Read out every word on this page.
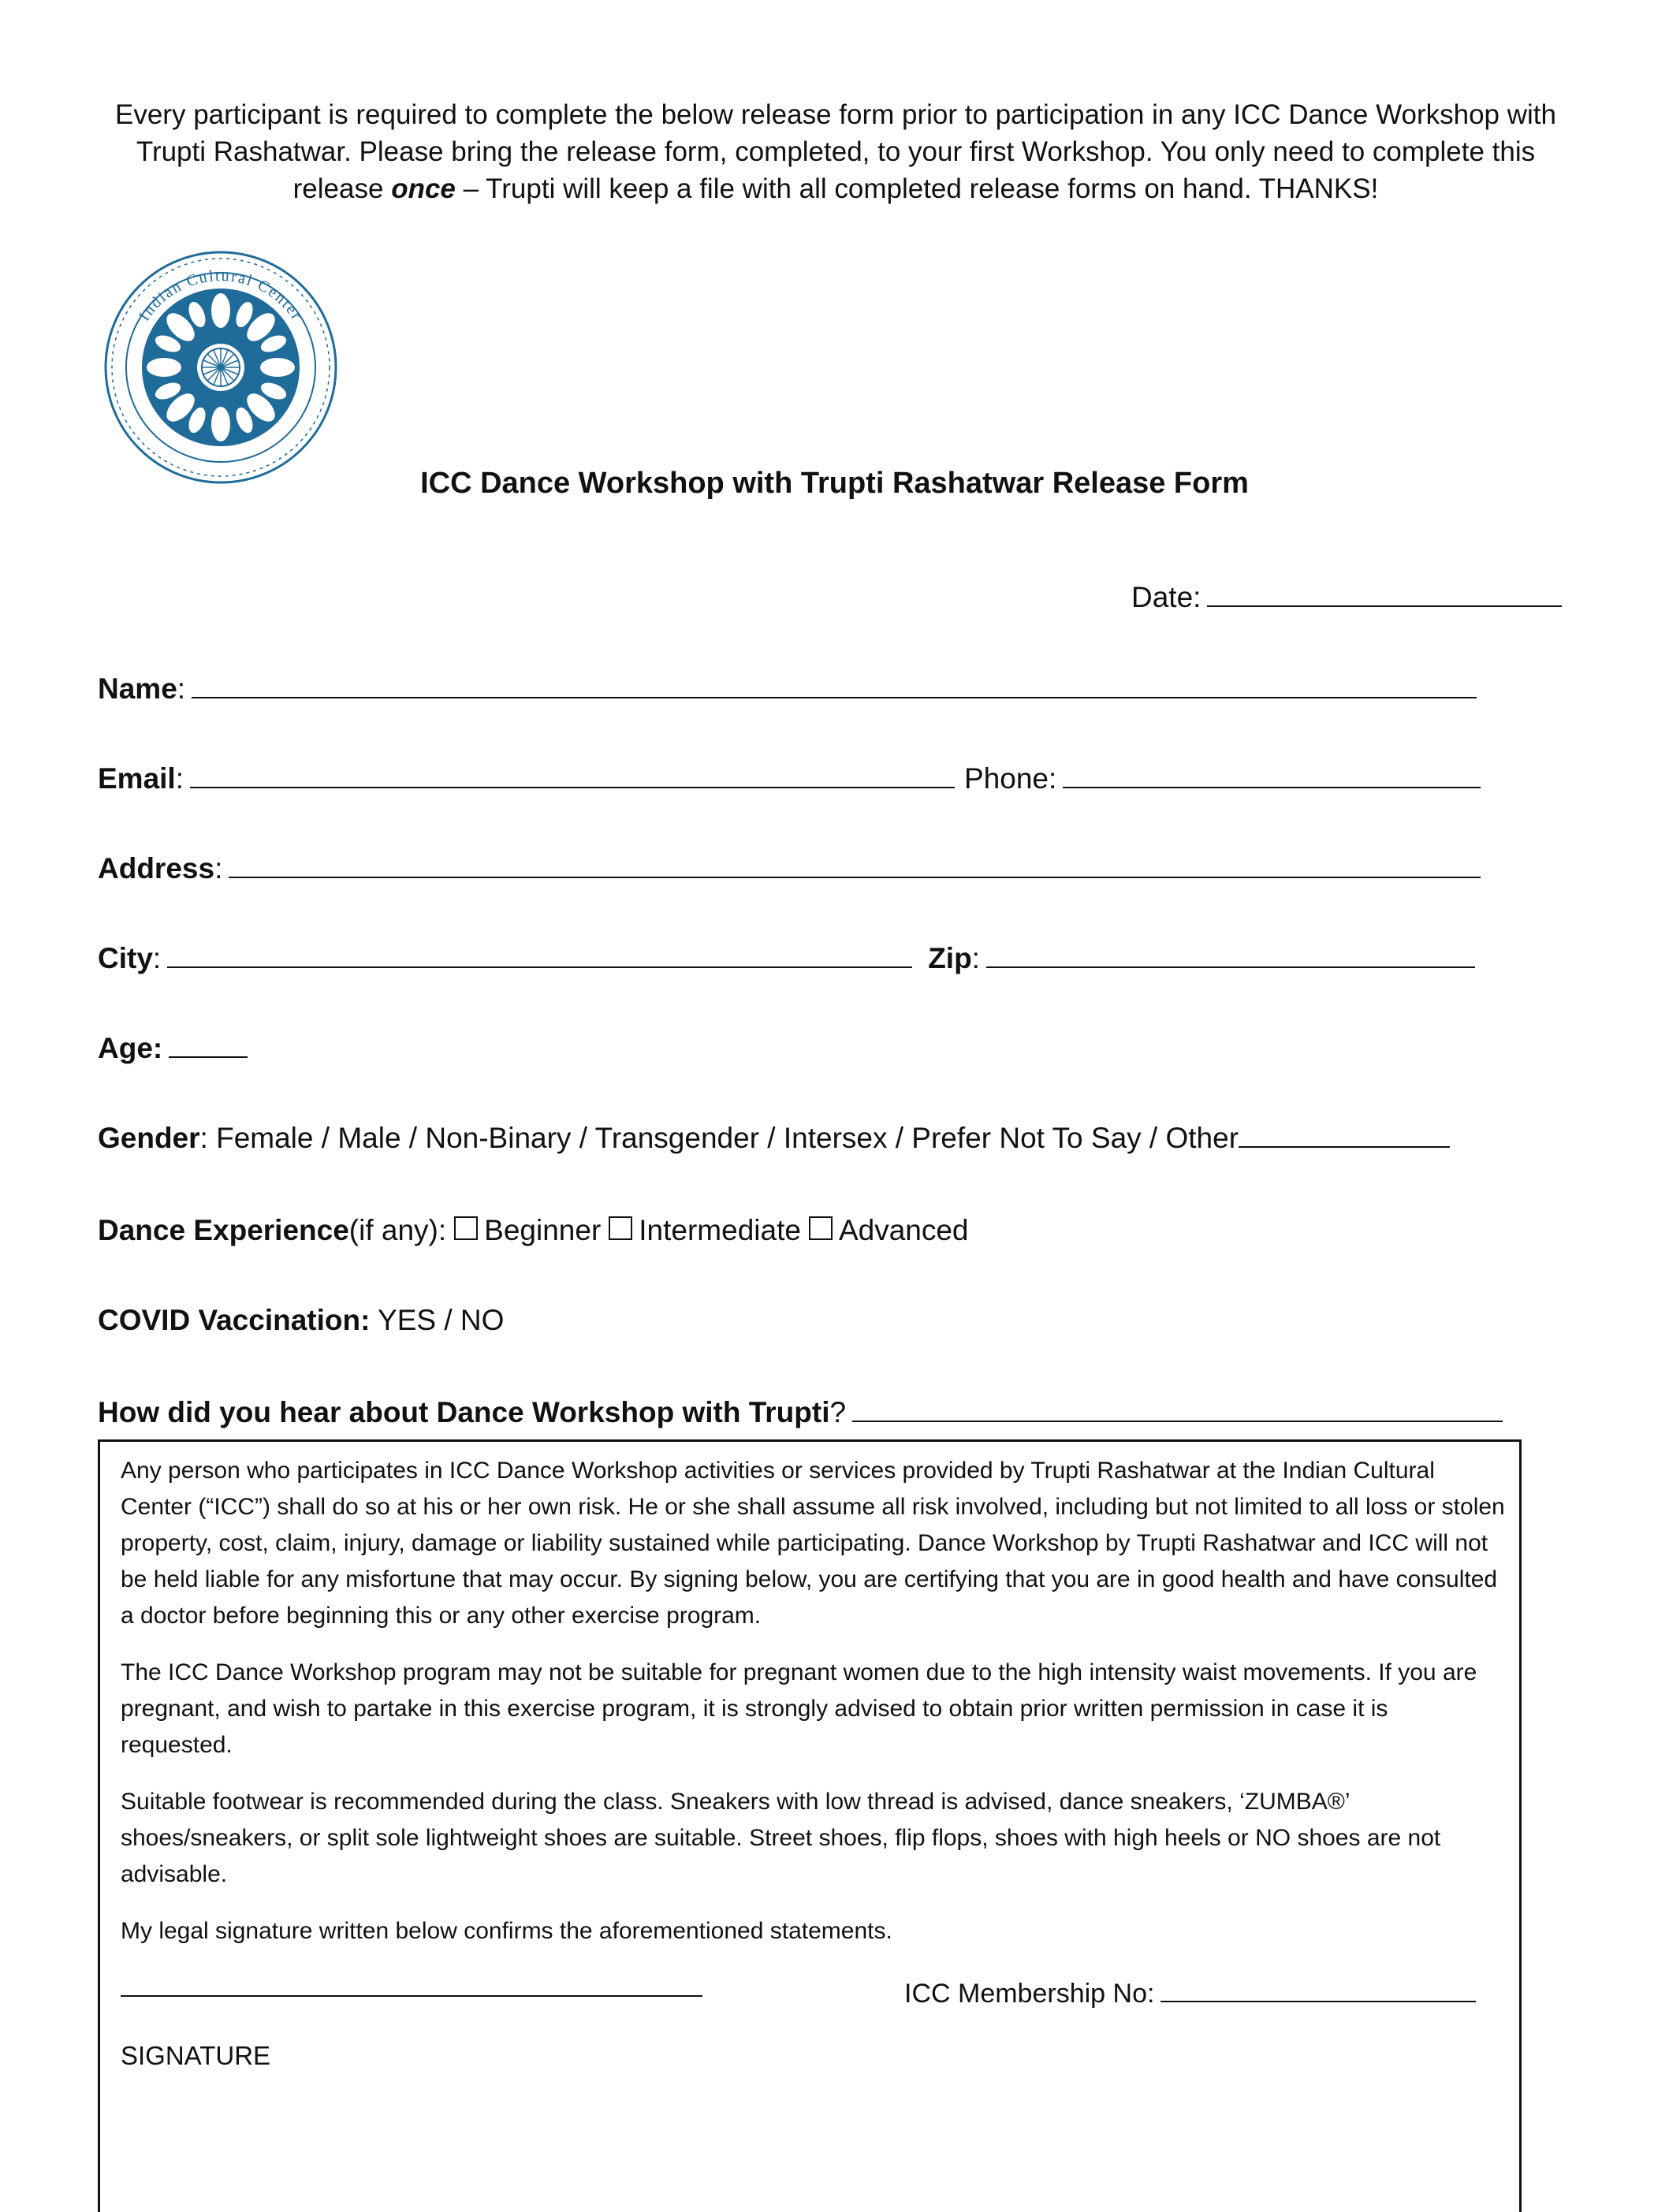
Every participant is required to complete the below release form prior to participation in any ICC Dance Workshop with

Trupti Rashatwar. Please bring the release form, completed, to your first Workshop. You only need to complete this

release once – Trupti will keep a file with all completed release forms on hand. THANKS!

Indian Cultural Center
ICC Dance Workshop with Trupti Rashatwar Release Form
Date:
Name :
Email :	Phone:
Address :
City :	Zip :
Age:
Gender : Female / Male / Non-Binary / Transgender / Intersex / Prefer Not To Say / Other
Dance Experience (if any): Beginner Intermediate Advanced
COVID Vaccination: YES / NO
How did you hear about Dance Workshop with Trupti ?

Any person who participates in ICC Dance Workshop activities or services provided by Trupti Rashatwar at the Indian Cultural Center (“ICC”) shall do so at his or her own risk. He or she shall assume all risk involved, including but not limited to all loss or stolen property, cost, claim, injury, damage or liability sustained while participating. Dance Workshop by Trupti Rashatwar and ICC will not be held liable for any misfortune that may occur. By signing below, you are certifying that you are in good health and have consulted a doctor before beginning this or any other exercise program.

The ICC Dance Workshop program may not be suitable for pregnant women due to the high intensity waist movements. If you are pregnant, and wish to partake in this exercise program, it is strongly advised to obtain prior written permission in case it is requested.

Suitable footwear is recommended during the class. Sneakers with low thread is advised, dance sneakers, ‘ZUMBA®’ shoes/sneakers, or split sole lightweight shoes are suitable. Street shoes, flip flops, shoes with high heels or NO shoes are not advisable.

My legal signature written below confirms the aforementioned statements.

SIGNATURE
ICC Membership No:
